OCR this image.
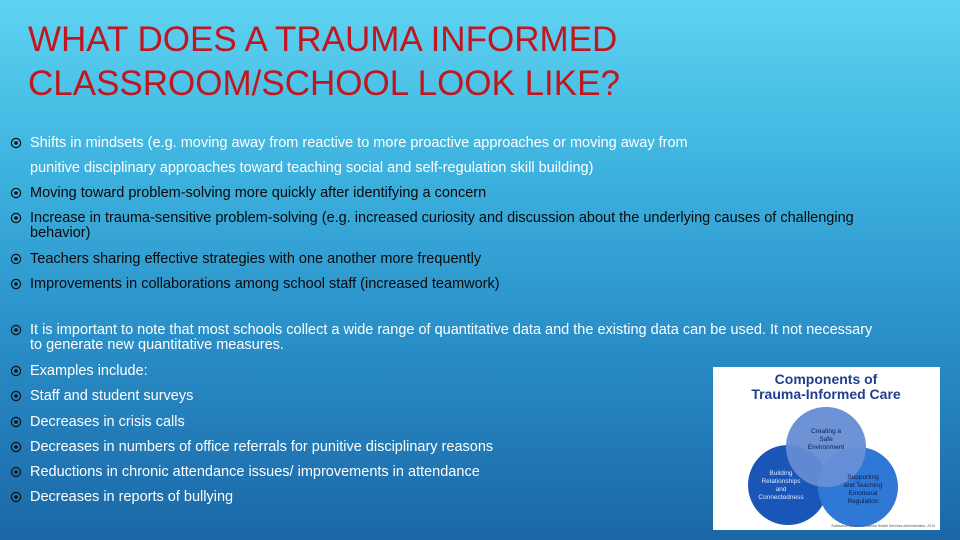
WHAT DOES A TRAUMA INFORMED
CLASSROOM/SCHOOL LOOK LIKE?
Shifts in mindsets (e.g. moving away from reactive to more proactive approaches or moving away from
punitive disciplinary approaches toward teaching social and self-regulation skill building)
Moving toward problem-solving more quickly after identifying a concern
Increase in trauma-sensitive problem-solving (e.g. increased curiosity and discussion about the underlying causes of challenging behavior)
Teachers sharing effective strategies with one another more frequently
Improvements in collaborations among school staff (increased teamwork)
It is important to note that most schools collect a wide range of quantitative data and the existing data can be used. It not necessary to generate new quantitative measures.
Examples include:
Staff and student surveys
Decreases in crisis calls
Decreases in numbers of office referrals for punitive disciplinary reasons
Reductions in chronic attendance issues/ improvements in attendance
Decreases in reports of bullying
Components of
Trauma-Informed Care
Creating a
Safe
Environment
Building
Relationships
and
Connectedness
Supporting
and Teaching
Emotional
Regulation
Substance Abuse and Mental Health Services Administration, 2014
